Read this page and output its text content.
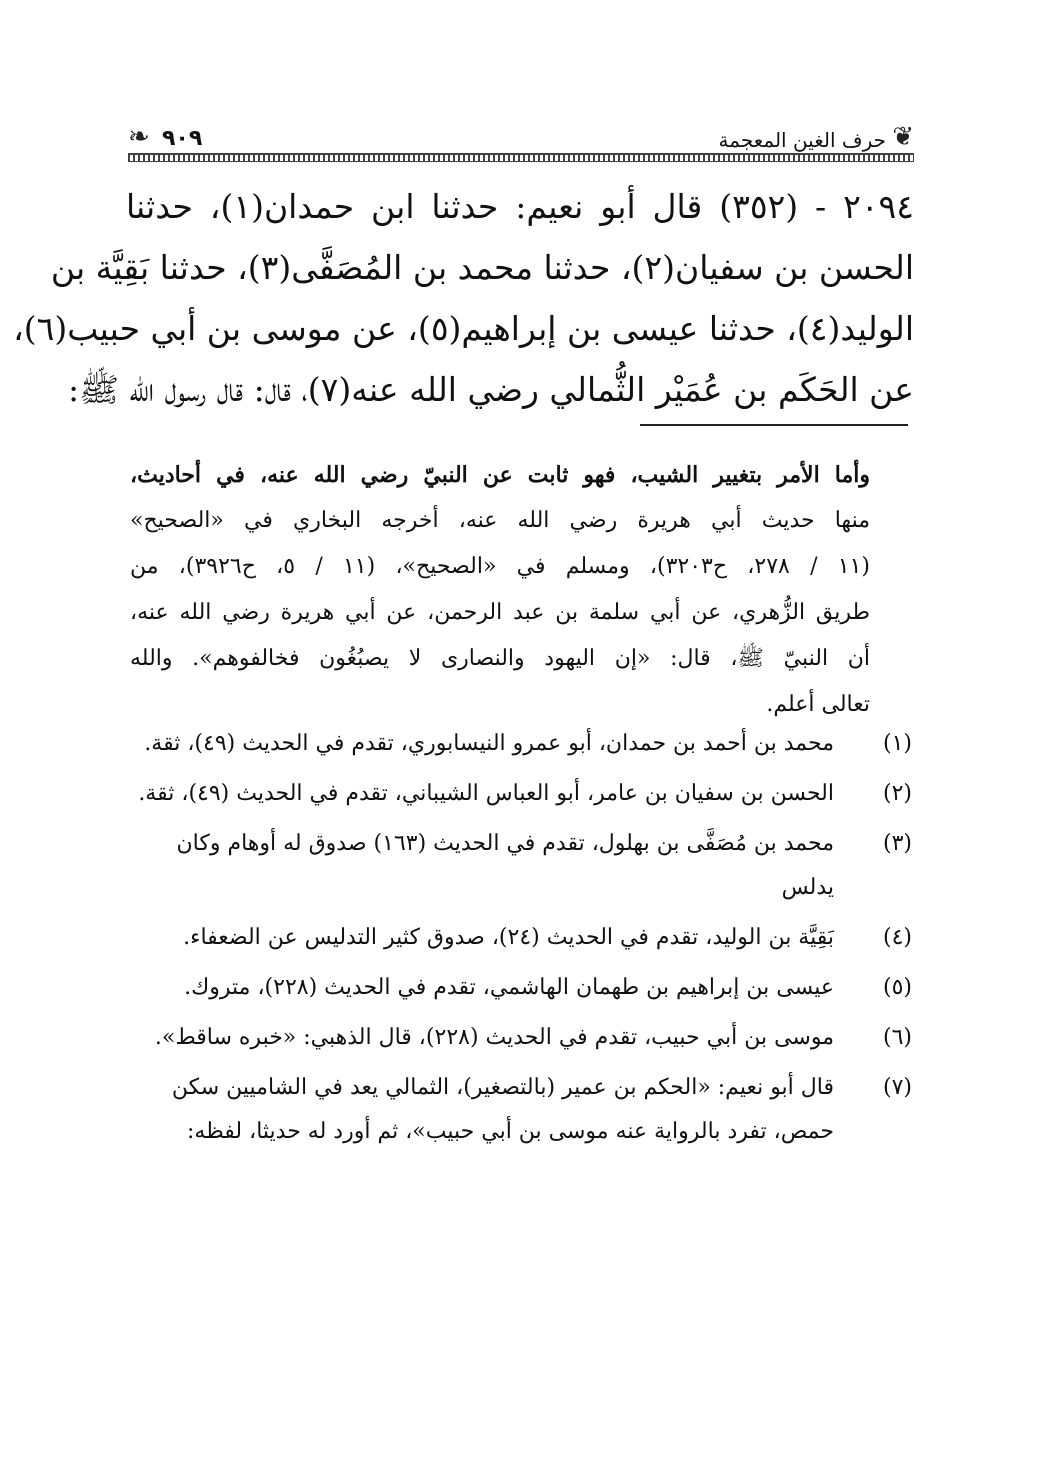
❦
حرف الغين المعجمة
٩٠٩
❧
٢٠٩٤ - (٣٥٢) قال أبو نعيم: حدثنا ابن حمدان(١)، حدثنا
الحسن بن سفيان(٢)، حدثنا محمد بن المُصَفَّى(٣)، حدثنا بَقِيَّة بن
الوليد(٤)، حدثنا عيسى بن إبراهيم(٥)، عن موسى بن أبي حبيب(٦)،
عن الحَكَم بن عُمَيْر الثُّمالي رضي الله عنه(٧)، قال: قال رسول الله ﷺ:
وأما الأمر بتغيير الشيب، فهو ثابت عن النبيّ رضي الله عنه، في أحاديث،
منها حديث أبي هريرة رضي الله عنه، أخرجه البخاري في «الصحيح»
(١١ / ٢٧٨، ح٣٢٠٣)، ومسلم في «الصحيح»، (١١ / ٥، ح٣٩٢٦)، من
طريق الزُّهري، عن أبي سلمة بن عبد الرحمن، عن أبي هريرة رضي الله عنه،
أن النبيّ ﷺ، قال: «إن اليهود والنصارى لا يصبُغُون فخالفوهم». والله
تعالى أعلم.
(١)
محمد بن أحمد بن حمدان، أبو عمرو النيسابوري، تقدم في الحديث (٤٩)، ثقة.
(٢)
الحسن بن سفيان بن عامر، أبو العباس الشيباني، تقدم في الحديث (٤٩)، ثقة.
(٣)
محمد بن مُصَفَّى بن بهلول، تقدم في الحديث (١٦٣) صدوق له أوهام وكان يدلس
(٤)
بَقِيَّة بن الوليد، تقدم في الحديث (٢٤)، صدوق كثير التدليس عن الضعفاء.
(٥)
عيسى بن إبراهيم بن طهمان الهاشمي، تقدم في الحديث (٢٢٨)، متروك.
(٦)
موسى بن أبي حبيب، تقدم في الحديث (٢٢٨)، قال الذهبي: «خبره ساقط».
(٧)
قال أبو نعيم: «الحكم بن عمير (بالتصغير)، الثمالي يعد في الشاميين سكن حمص، تفرد بالرواية عنه موسى بن أبي حبيب»، ثم أورد له حديثا، لفظه:
